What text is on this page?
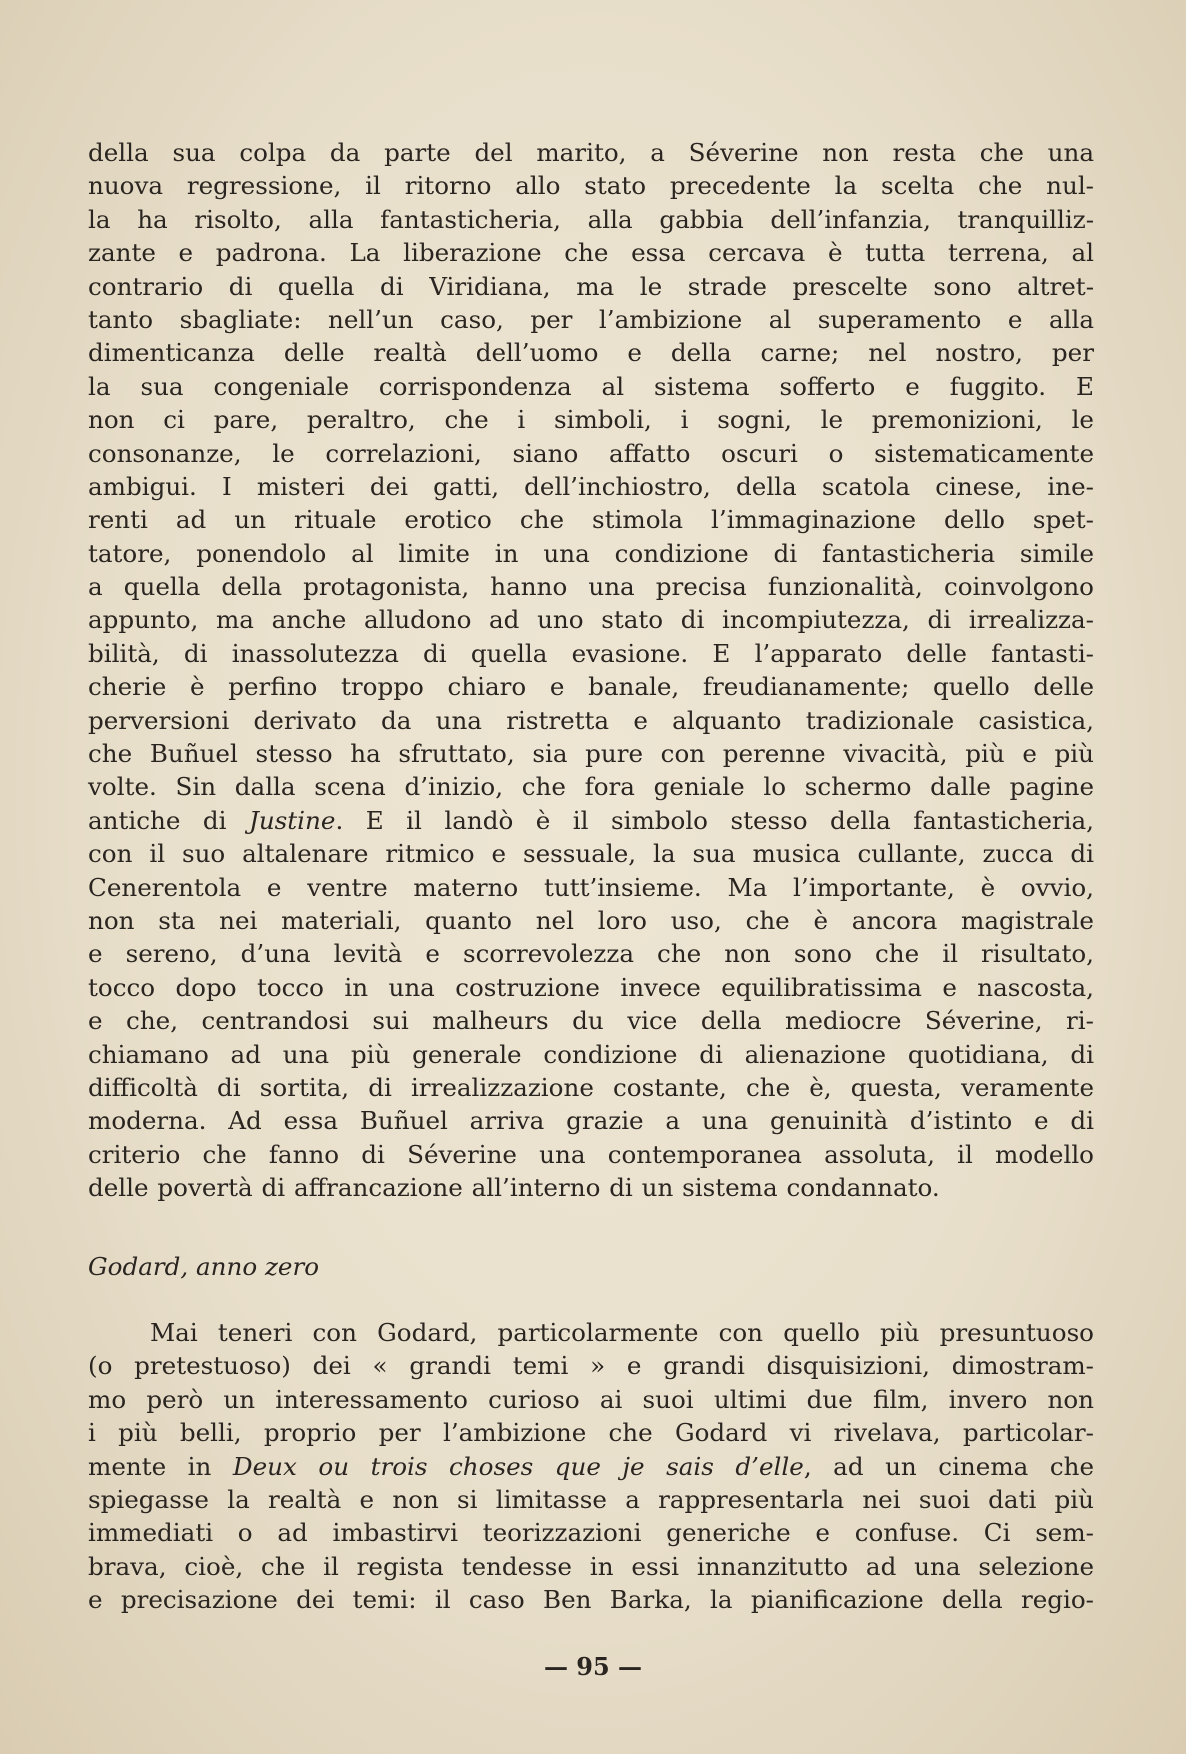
della sua colpa da parte del marito, a Séverine non resta che una
nuova regressione, il ritorno allo stato precedente la scelta che nul-
la ha risolto, alla fantasticheria, alla gabbia dell’infanzia, tranquilliz-
zante e padrona. La liberazione che essa cercava è tutta terrena, al
contrario di quella di Viridiana, ma le strade prescelte sono altret-
tanto sbagliate: nell’un caso, per l’ambizione al superamento e alla
dimenticanza delle realtà dell’uomo e della carne; nel nostro, per
la sua congeniale corrispondenza al sistema sofferto e fuggito. E
non ci pare, peraltro, che i simboli, i sogni, le premonizioni, le
consonanze, le correlazioni, siano affatto oscuri o sistematicamente
ambigui. I misteri dei gatti, dell’inchiostro, della scatola cinese, ine-
renti ad un rituale erotico che stimola l’immaginazione dello spet-
tatore, ponendolo al limite in una condizione di fantasticheria simile
a quella della protagonista, hanno una precisa funzionalità, coinvolgono
appunto, ma anche alludono ad uno stato di incompiutezza, di irrealizza-
bilità, di inassolutezza di quella evasione. E l’apparato delle fantasti-
cherie è perfino troppo chiaro e banale, freudianamente; quello delle
perversioni derivato da una ristretta e alquanto tradizionale casistica,
che Buñuel stesso ha sfruttato, sia pure con perenne vivacità, più e più
volte. Sin dalla scena d’inizio, che fora geniale lo schermo dalle pagine
antiche di Justine. E il landò è il simbolo stesso della fantasticheria,
con il suo altalenare ritmico e sessuale, la sua musica cullante, zucca di
Cenerentola e ventre materno tutt’insieme. Ma l’importante, è ovvio,
non sta nei materiali, quanto nel loro uso, che è ancora magistrale
e sereno, d’una levità e scorrevolezza che non sono che il risultato,
tocco dopo tocco in una costruzione invece equilibratissima e nascosta,
e che, centrandosi sui malheurs du vice della mediocre Séverine, ri-
chiamano ad una più generale condizione di alienazione quotidiana, di
difficoltà di sortita, di irrealizzazione costante, che è, questa, veramente
moderna. Ad essa Buñuel arriva grazie a una genuinità d’istinto e di
criterio che fanno di Séverine una contemporanea assoluta, il modello
delle povertà di affrancazione all’interno di un sistema condannato.
Godard, anno zero
Mai teneri con Godard, particolarmente con quello più presuntuoso
(o pretestuoso) dei « grandi temi » e grandi disquisizioni, dimostram-
mo però un interessamento curioso ai suoi ultimi due film, invero non
i più belli, proprio per l’ambizione che Godard vi rivelava, particolar-
mente in Deux ou trois choses que je sais d’elle, ad un cinema che
spiegasse la realtà e non si limitasse a rappresentarla nei suoi dati più
immediati o ad imbastirvi teorizzazioni generiche e confuse. Ci sem-
brava, cioè, che il regista tendesse in essi innanzitutto ad una selezione
e precisazione dei temi: il caso Ben Barka, la pianificazione della regio-
— 95 —
